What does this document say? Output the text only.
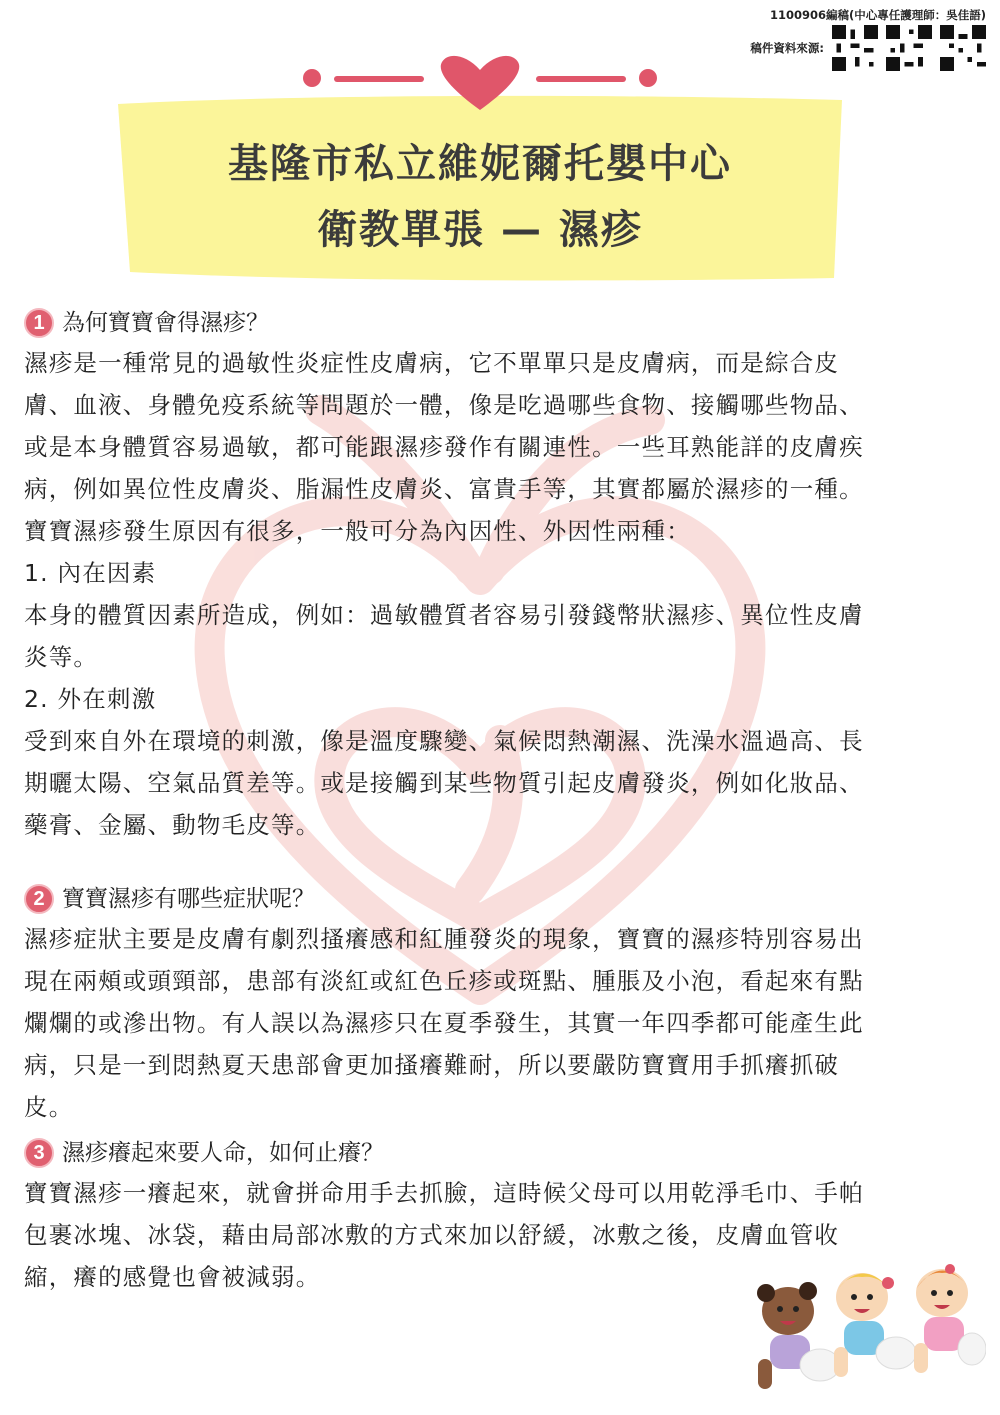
1100906編稿(中心專任護理師：吳佳語)
稿件資料來源:
基隆市私立維妮爾托嬰中心
衛教單張 — 濕疹
1 為何寶寶會得濕疹？

濕疹是一種常見的過敏性炎症性皮膚病，它不單單只是皮膚病，而是綜合皮
膚、血液、身體免疫系統等問題於一體，像是吃過哪些食物、接觸哪些物品、
或是本身體質容易過敏，都可能跟濕疹發作有關連性。一些耳熟能詳的皮膚疾
病，例如異位性皮膚炎、脂漏性皮膚炎、富貴手等，其實都屬於濕疹的一種。
寶寶濕疹發生原因有很多，一般可分為內因性、外因性兩種：

1. 內在因素

本身的體質因素所造成，例如：過敏體質者容易引發錢幣狀濕疹、異位性皮膚
炎等。

2. 外在刺激

受到來自外在環境的刺激，像是溫度驟變、氣候悶熱潮濕、洗澡水溫過高、長
期曬太陽、空氣品質差等。或是接觸到某些物質引起皮膚發炎，例如化妝品、
藥膏、金屬、動物毛皮等。

2 寶寶濕疹有哪些症狀呢？

濕疹症狀主要是皮膚有劇烈搔癢感和紅腫發炎的現象，寶寶的濕疹特別容易出
現在兩頰或頭頸部，患部有淡紅或紅色丘疹或斑點、腫脹及小泡，看起來有點
爛爛的或滲出物。有人誤以為濕疹只在夏季發生，其實一年四季都可能產生此
病，只是一到悶熱夏天患部會更加搔癢難耐，所以要嚴防寶寶用手抓癢抓破
皮。

3 濕疹癢起來要人命，如何止癢？

寶寶濕疹一癢起來，就會拼命用手去抓臉，這時候父母可以用乾淨毛巾、手帕
包裹冰塊、冰袋，藉由局部冰敷的方式來加以舒緩，冰敷之後，皮膚血管收
縮，癢的感覺也會被減弱。
